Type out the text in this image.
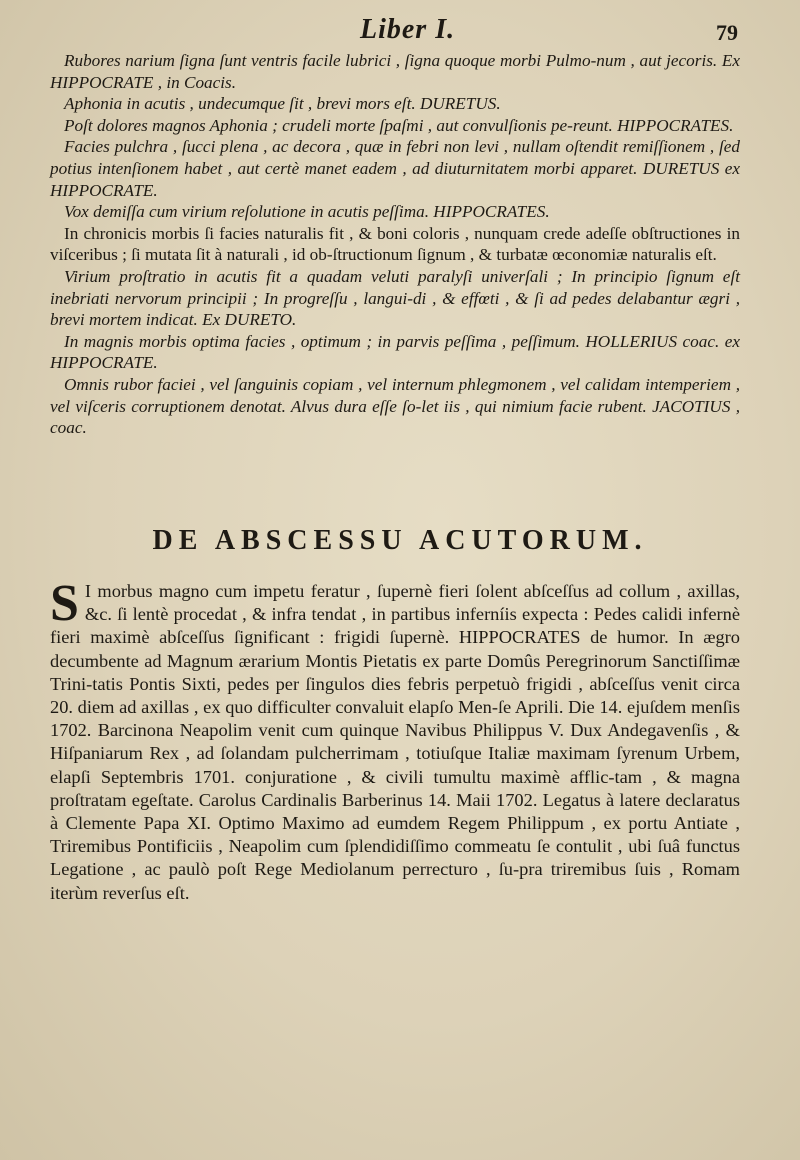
Liber I.	79

Rubores narium ſigna ſunt ventris facile lubrici , ſigna quoque morbi Pulmo-num , aut jecoris. Ex HIPPOCRATE , in Coacis.

Aphonia in acutis , undecumque ſit , brevi mors eſt. DURETUS.

Poſt dolores magnos Aphonia ; crudeli morte ſpaſmi , aut convulſionis pe-reunt. HIPPOCRATES.

Facies pulchra , ſucci plena , ac decora , quæ in febri non levi , nullam oſtendit remiſſionem , ſed potius intenſionem habet , aut certè manet eadem , ad diuturnitatem morbi apparet. DURETUS ex HIPPOCRATE.

Vox demiſſa cum virium reſolutione in acutis peſſima. HIPPOCRATES.

In chronicis morbis ſi facies naturalis fit , & boni coloris , nunquam crede adeſſe obſtructiones in viſceribus ; ſi mutata ſit à naturali , id ob-ſtructionum ſignum , & turbatæ œconomiæ naturalis eſt.

Virium proſtratio in acutis fit a quadam veluti paralyſi univerſali ; In principio ſignum eſt inebriati nervorum principii ; In progreſſu , langui-di , & effœti , & ſi ad pedes delabantur ægri , brevi mortem indicat. Ex DURETO.

In magnis morbis optima facies , optimum ; in parvis peſſima , peſſimum. HOLLERIUS coac. ex HIPPOCRATE.

Omnis rubor faciei , vel ſanguinis copiam , vel internum phlegmonem , vel calidam intemperiem , vel viſceris corruptionem denotat. Alvus dura eſſe ſo-let iis , qui nimium facie rubent. JACOTIUS , coac.

DE ABSCESSU ACUTORUM.
S I morbus magno cum impetu feratur , ſupernè fieri ſolent abſceſſus ad collum , axillas, &c. ſi lentè procedat , & infra tendat , in partibus inferníis expecta : Pedes calidi infernè fieri maximè abſceſſus ſignificant : frigidi ſupernè. HIPPOCRATES de humor. In ægro decumbente ad Magnum ærarium Montis Pietatis ex parte Domûs Peregrinorum Sanctiſſimæ Trini-tatis Pontis Sixti, pedes per ſingulos dies febris perpetuò frigidi , abſceſſus venit circa 20. diem ad axillas , ex quo difficulter convaluit elapſo Men-ſe Aprili. Die 14. ejuſdem menſis 1702. Barcinona Neapolim venit cum quinque Navibus Philippus V. Dux Andegavenſis , & Hiſpaniarum Rex , ad ſolandam pulcherrimam , totiuſque Italiæ maximam ſyrenum Urbem, elapſi Septembris 1701. conjuratione , & civili tumultu maximè afflic-tam , & magna proſtratam egeſtate. Carolus Cardinalis Barberinus 14. Maii 1702. Legatus à latere declaratus à Clemente Papa XI. Optimo Maximo ad eumdem Regem Philippum , ex portu Antiate , Triremibus Pontificiis , Neapolim cum ſplendidiſſimo commeatu ſe contulit , ubi ſuâ functus Legatione , ac paulò poſt Rege Mediolanum perrecturo , ſu-pra triremibus ſuis , Romam iterùm reverſus eſt.
